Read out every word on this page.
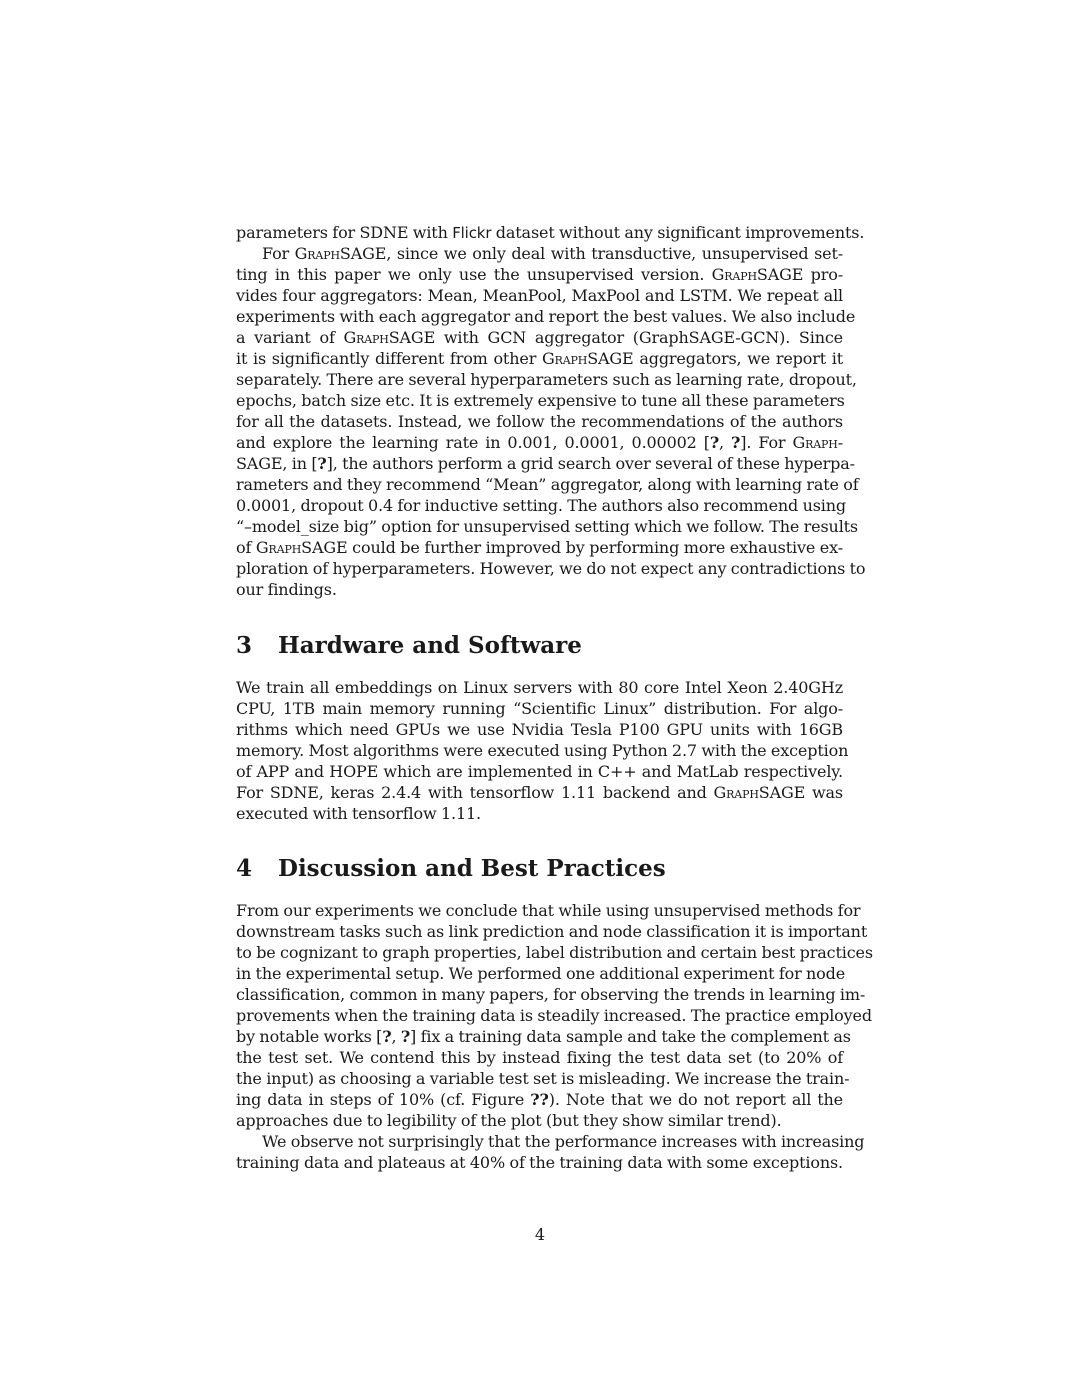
parameters for SDNE with Flickr dataset without any significant improvements.
For GraphSAGE, since we only deal with transductive, unsupervised set-
ting in this paper we only use the unsupervised version. GraphSAGE pro-
vides four aggregators: Mean, MeanPool, MaxPool and LSTM. We repeat all
experiments with each aggregator and report the best values. We also include
a variant of GraphSAGE with GCN aggregator (GraphSAGE-GCN). Since
it is significantly different from other GraphSAGE aggregators, we report it
separately. There are several hyperparameters such as learning rate, dropout,
epochs, batch size etc. It is extremely expensive to tune all these parameters
for all the datasets. Instead, we follow the recommendations of the authors
and explore the learning rate in 0.001, 0.0001, 0.00002 [?, ?]. For Graph-
SAGE, in [?], the authors perform a grid search over several of these hyperpa-
rameters and they recommend “Mean” aggregator, along with learning rate of
0.0001, dropout 0.4 for inductive setting. The authors also recommend using
“–model_size big” option for unsupervised setting which we follow. The results
of GraphSAGE could be further improved by performing more exhaustive ex-
ploration of hyperparameters. However, we do not expect any contradictions to
our findings.
3 Hardware and Software
We train all embeddings on Linux servers with 80 core Intel Xeon 2.40GHz
CPU, 1TB main memory running “Scientific Linux” distribution. For algo-
rithms which need GPUs we use Nvidia Tesla P100 GPU units with 16GB
memory. Most algorithms were executed using Python 2.7 with the exception
of APP and HOPE which are implemented in C++ and MatLab respectively.
For SDNE, keras 2.4.4 with tensorflow 1.11 backend and GraphSAGE was
executed with tensorflow 1.11.
4 Discussion and Best Practices
From our experiments we conclude that while using unsupervised methods for
downstream tasks such as link prediction and node classification it is important
to be cognizant to graph properties, label distribution and certain best practices
in the experimental setup. We performed one additional experiment for node
classification, common in many papers, for observing the trends in learning im-
provements when the training data is steadily increased. The practice employed
by notable works [?, ?] fix a training data sample and take the complement as
the test set. We contend this by instead fixing the test data set (to 20% of
the input) as choosing a variable test set is misleading. We increase the train-
ing data in steps of 10% (cf. Figure ??). Note that we do not report all the
approaches due to legibility of the plot (but they show similar trend).
We observe not surprisingly that the performance increases with increasing
training data and plateaus at 40% of the training data with some exceptions.
4
